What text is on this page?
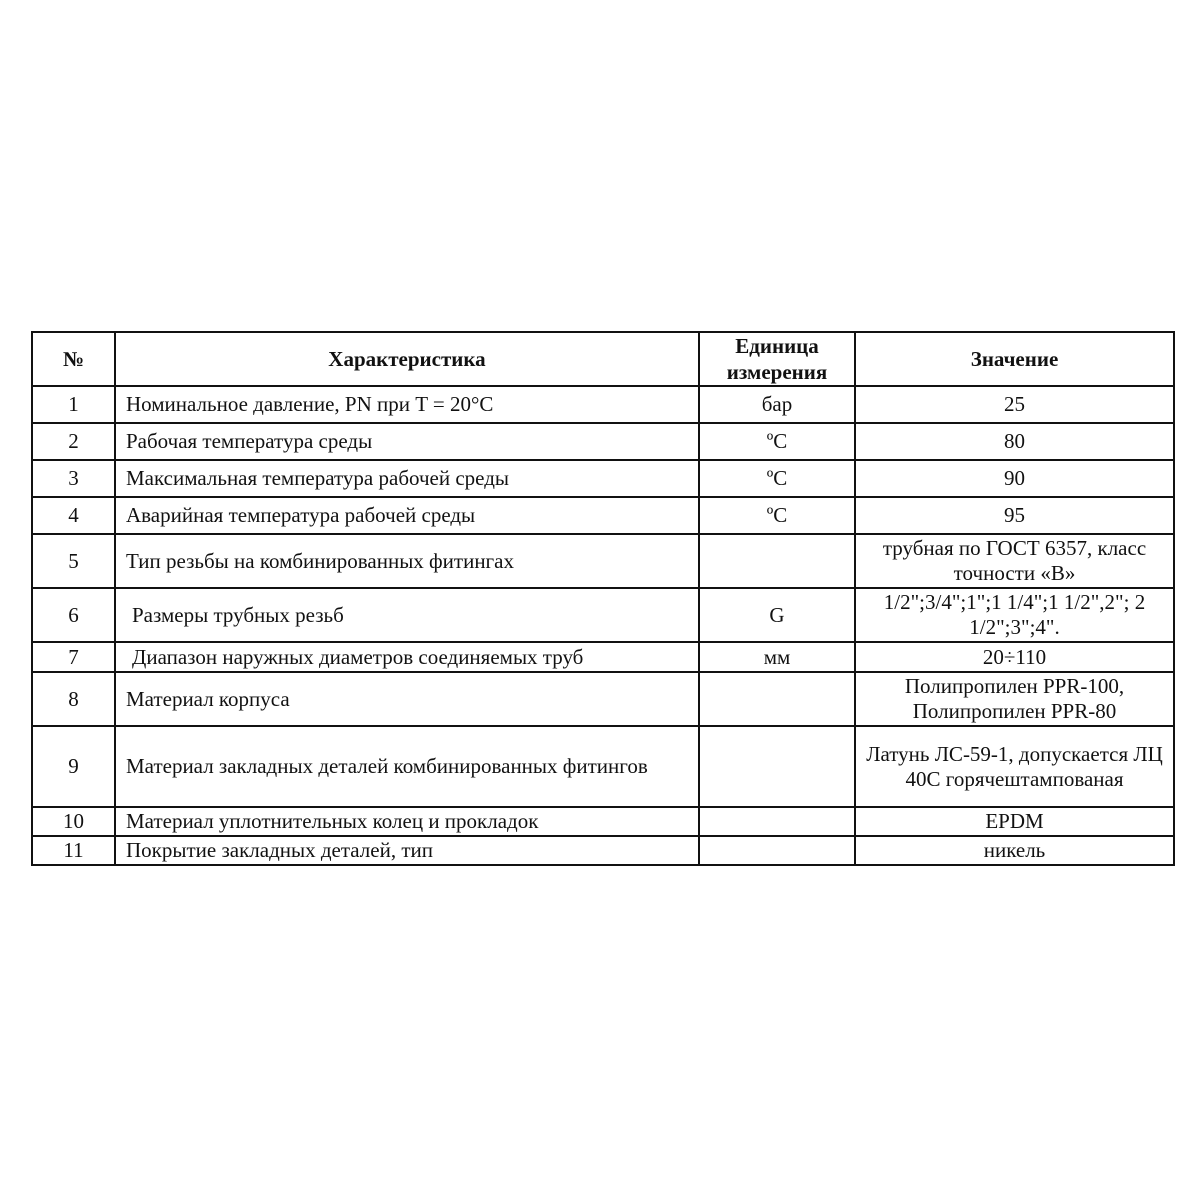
№	Характеристика	Единица измерения	Значение
1	Номинальное давление, PN при T = 20°C	бар	25
2	Рабочая температура среды	ºC	80
3	Максимальная температура рабочей среды	ºC	90
4	Аварийная температура рабочей среды	ºC	95
5	Тип резьбы на комбинированных фитингах		трубная по ГОСТ 6357, класс точности «В»
6	Размеры трубных резьб	G	1/2";3/4";1";1 1/4";1 1/2",2"; 2 1/2";3";4".
7	Диапазон наружных диаметров соединяемых труб	мм	20÷110
8	Материал корпуса		Полипропилен PPR-100, Полипропилен PPR-80
9	Материал закладных деталей комбинированных фитингов		Латунь ЛС-59-1, допускается ЛЦ 40С горячештампованая
10	Материал уплотнительных колец и прокладок		EPDM
11	Покрытие закладных деталей, тип		никель
